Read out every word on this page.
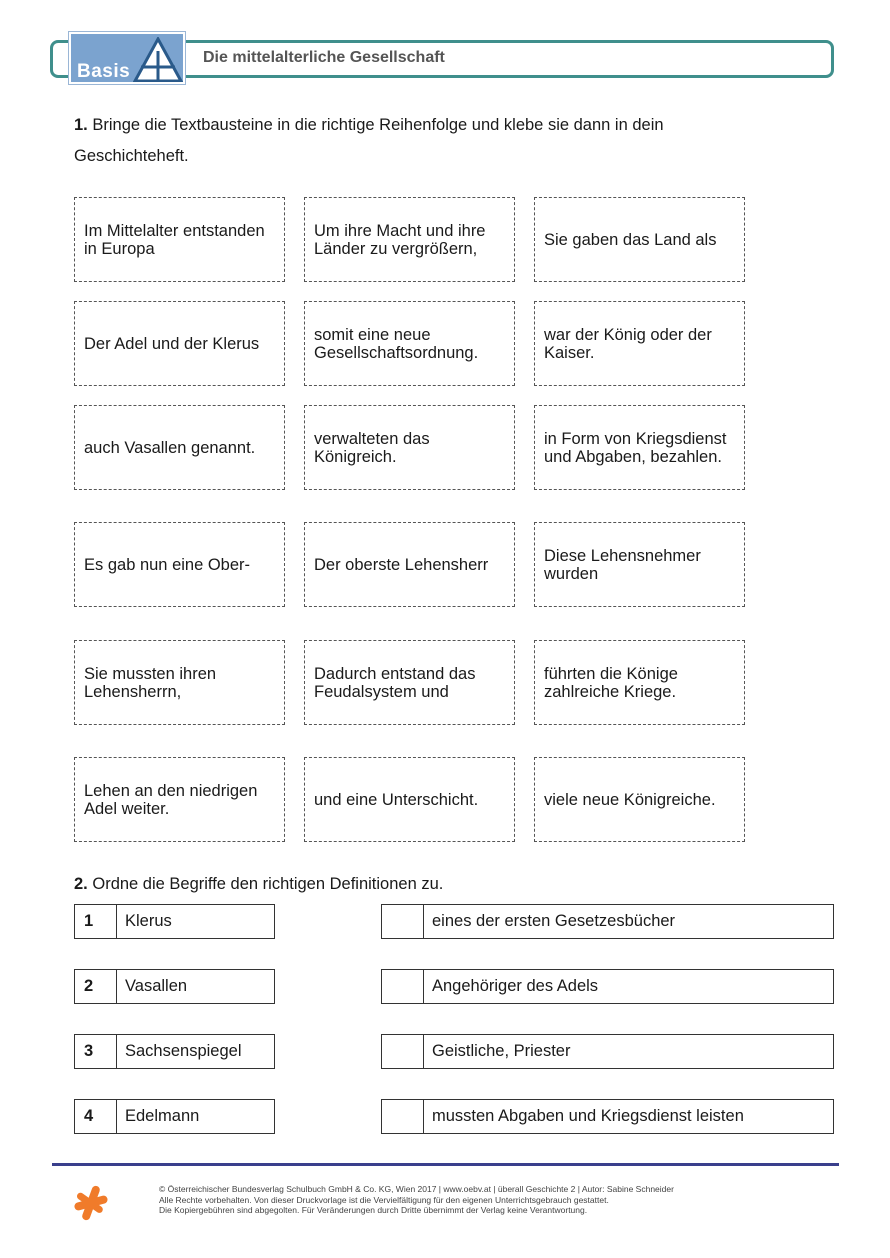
Basis
Die mittelalterliche Gesellschaft
1. Bringe die Textbausteine in die richtige Reihenfolge und klebe sie dann in dein
Geschichteheft.
Im Mittelalter entstanden in Europa
Um ihre Macht und ihre Länder zu vergrößern,	Sie gaben das Land als
Der Adel und der Klerus	somit eine neue Gesellschaftsordnung.
war der König oder der Kaiser.
auch Vasallen genannt.	verwalteten das Königreich.
in Form von Kriegsdienst und Abgaben, bezahlen.
Es gab nun eine Ober-	Der oberste Lehensherr	Diese Lehensnehmer wurden
Sie mussten ihren Lehensherrn,
Dadurch entstand das Feudalsystem und
führten die Könige zahlreiche Kriege.
Lehen an den niedrigen Adel weiter.	und eine Unterschicht.	viele neue Königreiche.
2. Ordne die Begriffe den richtigen Definitionen zu.
1	Klerus
2	Vasallen
3	Sachsenspiegel
4	Edelmann
eines der ersten Gesetzesbücher
Angehöriger des Adels
Geistliche, Priester
mussten Abgaben und Kriegsdienst leisten
© Österreichischer Bundesverlag Schulbuch GmbH & Co. KG, Wien 2017 | www.oebv.at | überall Geschichte 2 | Autor: Sabine Schneider
Alle Rechte vorbehalten. Von dieser Druckvorlage ist die Vervielfältigung für den eigenen Unterrichtsgebrauch gestattet.
Die Kopiergebühren sind abgegolten. Für Veränderungen durch Dritte übernimmt der Verlag keine Verantwortung.
